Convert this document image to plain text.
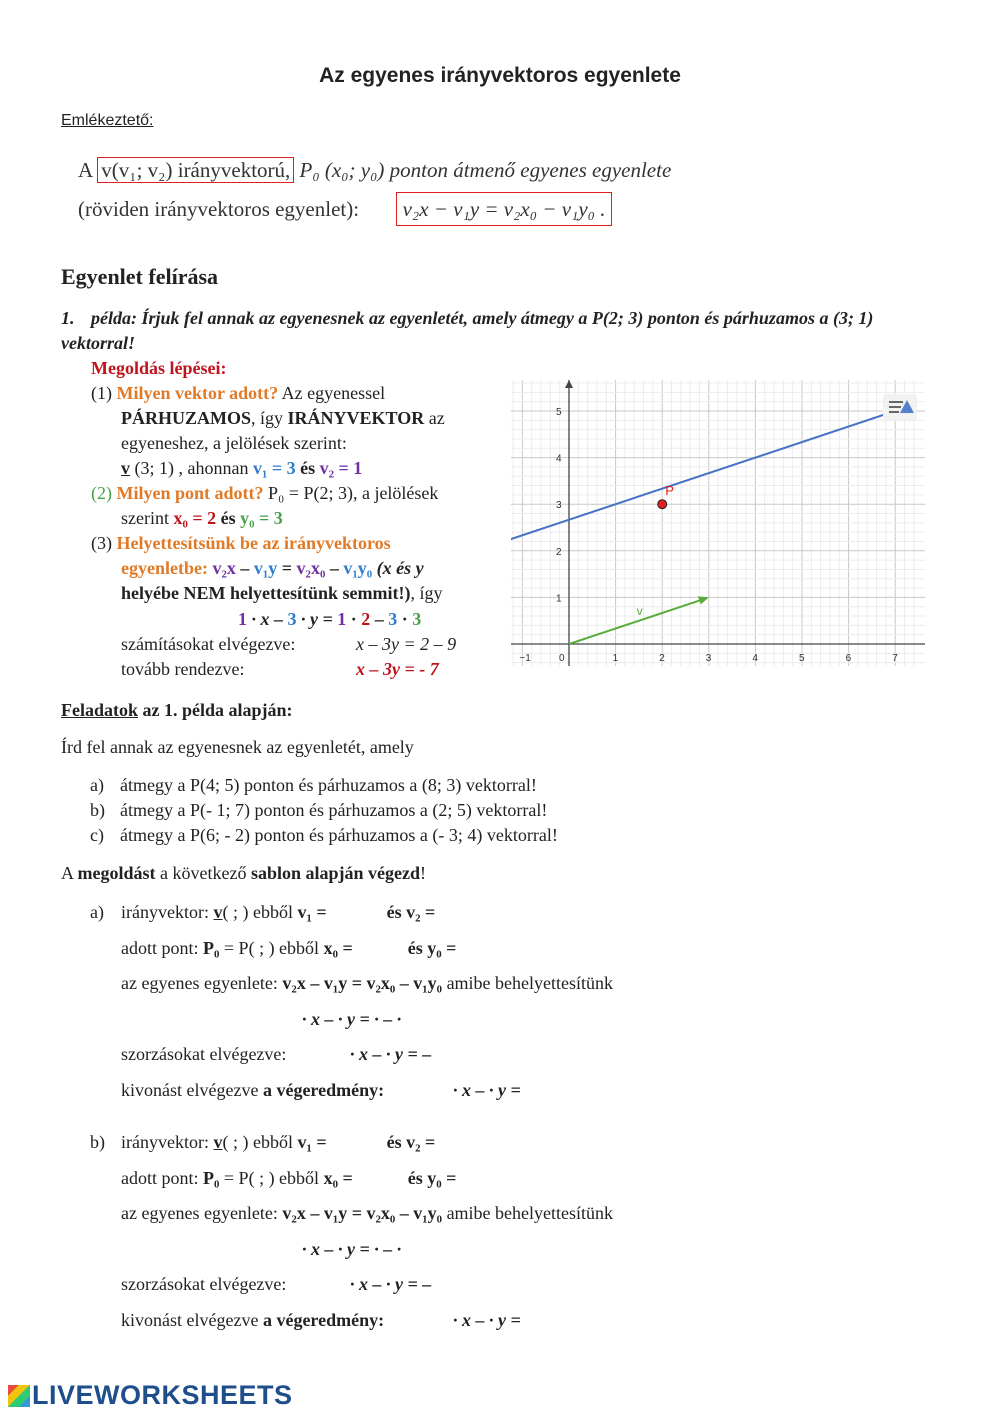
Az egyenes irányvektoros egyenlete
Emlékeztető:
A v(v₁; v₂) irányvektorú, P₀ (x₀; y₀) ponton átmenő egyenes egyenlete
(röviden irányvektoros egyenlet): v₂x − v₁y = v₂x₀ − v₁y₀ .
Egyenlet felírása
1. példa: Írjuk fel annak az egyenesnek az egyenletét, amely átmegy a P(2; 3) ponton és párhuzamos a (3; 1) vektorral!
Megoldás lépései:
(1) Milyen vektor adott? Az egyenessel
PÁRHUZAMOS, így IRÁNYVEKTOR az
egyeneshez, a jelölések szerint:
v (3; 1) , ahonnan v₁ = 3 és v₂ = 1
(2) Milyen pont adott? P₀ = P(2; 3), a jelölések
szerint x₀ = 2 és y₀ = 3
(3) Helyettesítsünk be az irányvektoros
egyenletbe: v₂x – v₁y = v₂x₀ – v₁y₀ (x és y
helyébe NEM helyettesítünk semmit!), így
1 · x – 3 · y = 1 · 2 – 3 · 3
számításokat elvégezve:	x – 3y = 2 – 9
tovább rendezve:	x – 3y = - 7
−1	0	1	2	3	4	5	6	7
1
2
3
4
5
P
v
Feladatok az 1. példa alapján:
Írd fel annak az egyenesnek az egyenletét, amely
a) átmegy a P(4; 5) ponton és párhuzamos a (8; 3) vektorral!
b) átmegy a P(- 1; 7) ponton és párhuzamos a (2; 5) vektorral!
c) átmegy a P(6; - 2) ponton és párhuzamos a (- 3; 4) vektorral!
A megoldást a következő sablon alapján végezd!
a) irányvektor: v( ; ) ebből v₁ =	és v₂ =
adott pont: P₀ = P( ; ) ebből x₀ =	és y₀ =
az egyenes egyenlete: v₂x – v₁y = v₂x₀ – v₁y₀ amibe behelyettesítünk
· x – · y = · – ·
szorzásokat elvégezve:	· x – · y = –
kivonást elvégezve a végeredmény:	· x – · y =
b) irányvektor: v( ; ) ebből v₁ =	és v₂ =
adott pont: P₀ = P( ; ) ebből x₀ =	és y₀ =
az egyenes egyenlete: v₂x – v₁y = v₂x₀ – v₁y₀ amibe behelyettesítünk
· x – · y = · – ·
szorzásokat elvégezve:	· x – · y = –
kivonást elvégezve a végeredmény:	· x – · y =
LIVEWORKSHEETS
